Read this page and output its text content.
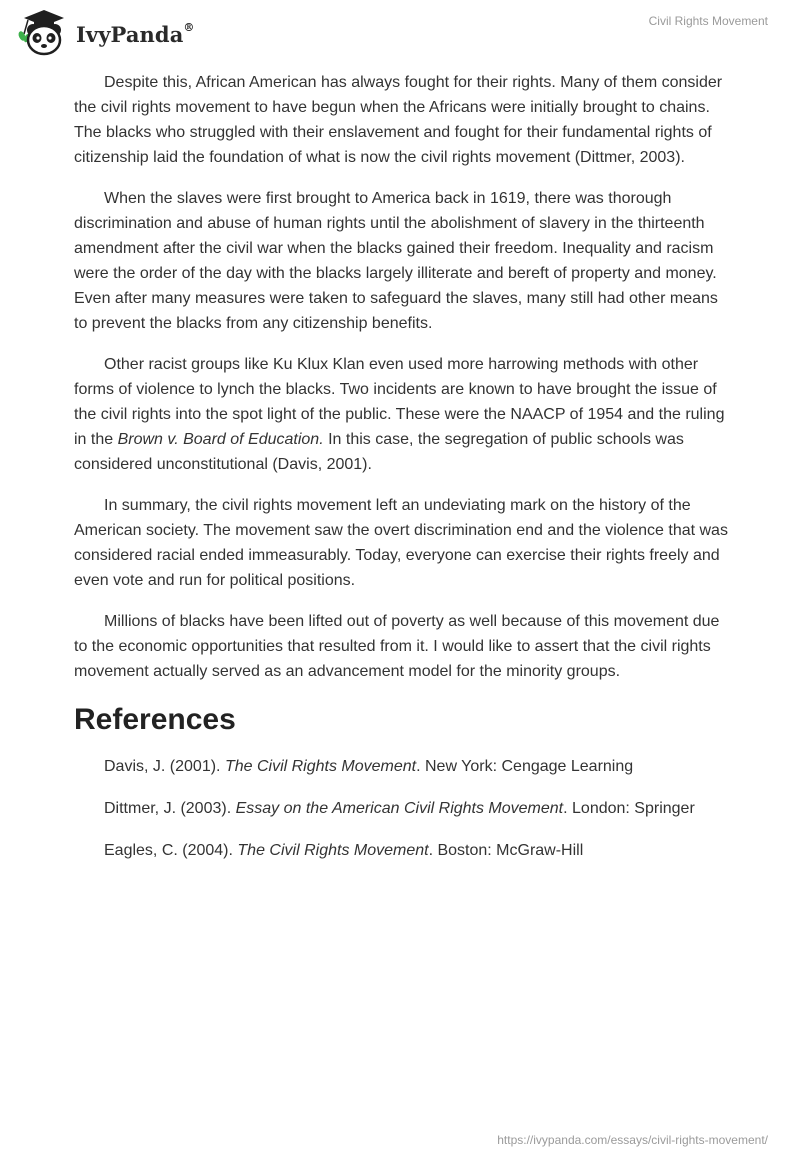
IvyPanda®	Civil Rights Movement

Despite this, African American has always fought for their rights. Many of them consider the civil rights movement to have begun when the Africans were initially brought to chains. The blacks who struggled with their enslavement and fought for their fundamental rights of citizenship laid the foundation of what is now the civil rights movement (Dittmer, 2003).

When the slaves were first brought to America back in 1619, there was thorough discrimination and abuse of human rights until the abolishment of slavery in the thirteenth amendment after the civil war when the blacks gained their freedom. Inequality and racism were the order of the day with the blacks largely illiterate and bereft of property and money. Even after many measures were taken to safeguard the slaves, many still had other means to prevent the blacks from any citizenship benefits.

Other racist groups like Ku Klux Klan even used more harrowing methods with other forms of violence to lynch the blacks. Two incidents are known to have brought the issue of the civil rights into the spot light of the public. These were the NAACP of 1954 and the ruling in the Brown v. Board of Education. In this case, the segregation of public schools was considered unconstitutional (Davis, 2001).

In summary, the civil rights movement left an undeviating mark on the history of the American society. The movement saw the overt discrimination end and the violence that was considered racial ended immeasurably. Today, everyone can exercise their rights freely and even vote and run for political positions.

Millions of blacks have been lifted out of poverty as well because of this movement due to the economic opportunities that resulted from it. I would like to assert that the civil rights movement actually served as an advancement model for the minority groups.

References
Davis, J. (2001). The Civil Rights Movement. New York: Cengage Learning
Dittmer, J. (2003). Essay on the American Civil Rights Movement. London: Springer
Eagles, C. (2004). The Civil Rights Movement. Boston: McGraw-Hill
https://ivypanda.com/essays/civil-rights-movement/
